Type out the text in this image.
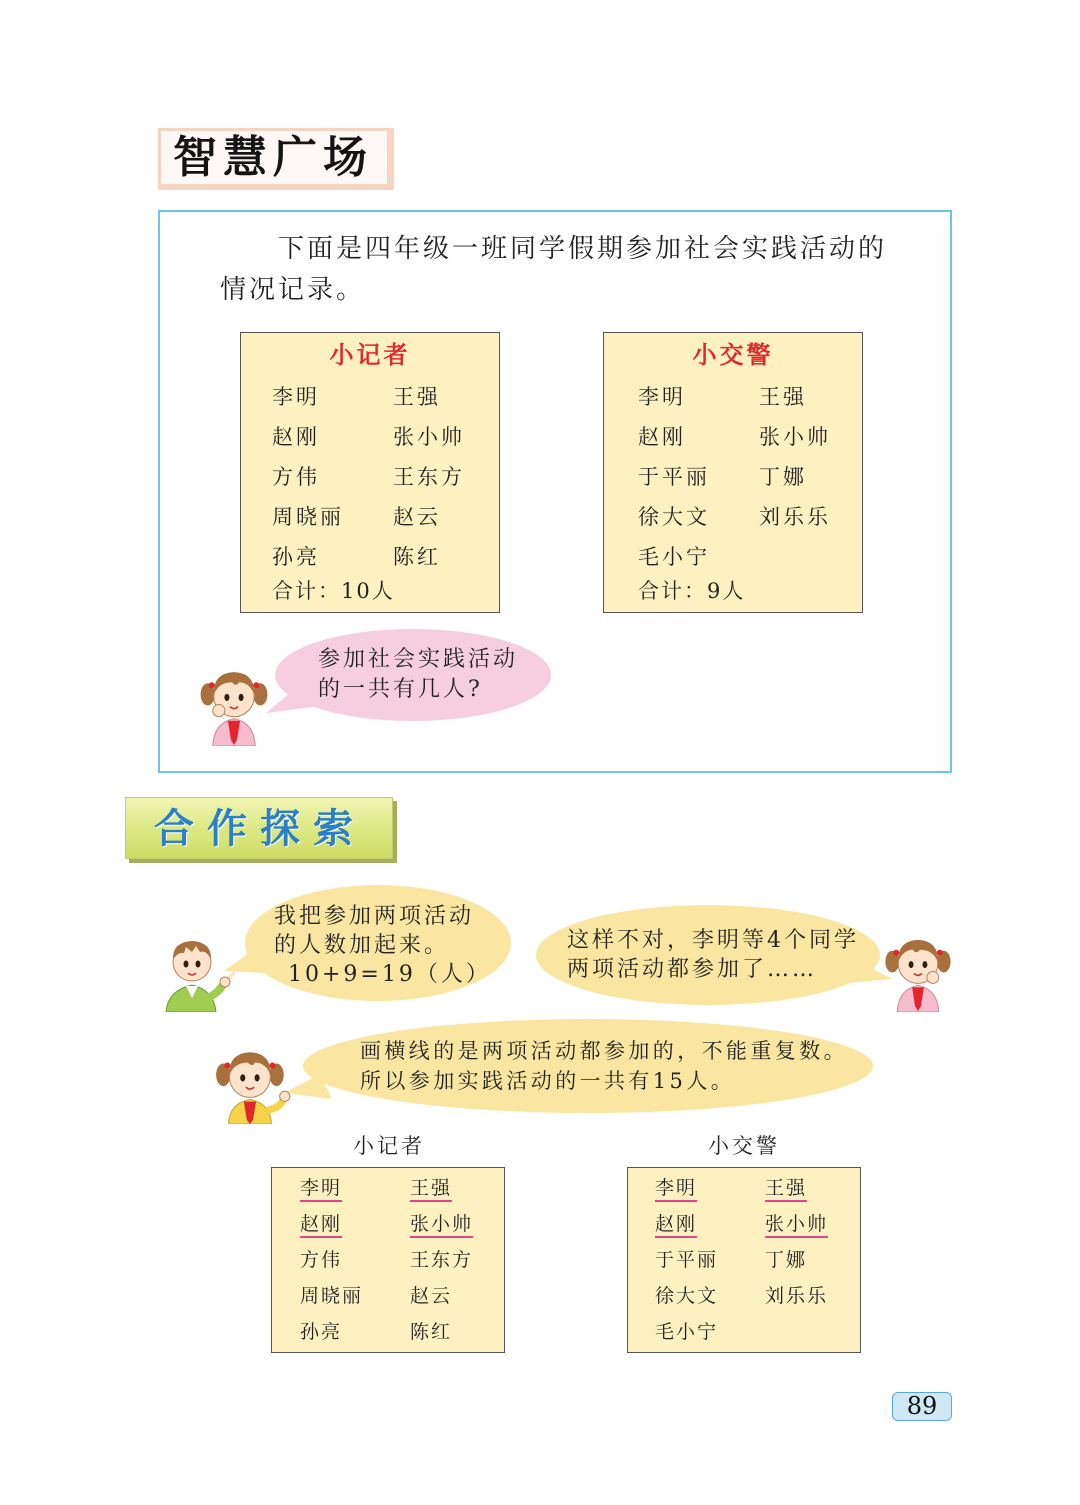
智慧广场
下面是四年级一班同学假期参加社会实践活动的
情况记录。
小记者
李明	王强
赵刚	张小帅
方伟	王东方
周晓丽 赵云
孙亮	陈红
合计：10人
小交警
李明	王强
赵刚	张小帅
于平丽 丁娜
徐大文 刘乐乐
毛小宁
合计：9人
参加社会实践活动
的一共有几人?
合作探索
我把参加两项活动
的人数加起来。
10+9=19（人）
这样不对，李明等4个同学
两项活动都参加了……
画横线的是两项活动都参加的，不能重复数。
所以参加实践活动的一共有15人。
小记者	小交警
李明	王强
赵刚	张小帅
方伟	王东方
周晓丽 赵云
孙亮	陈红
李明	王强
赵刚	张小帅
于平丽 丁娜
徐大文 刘乐乐
毛小宁
89
